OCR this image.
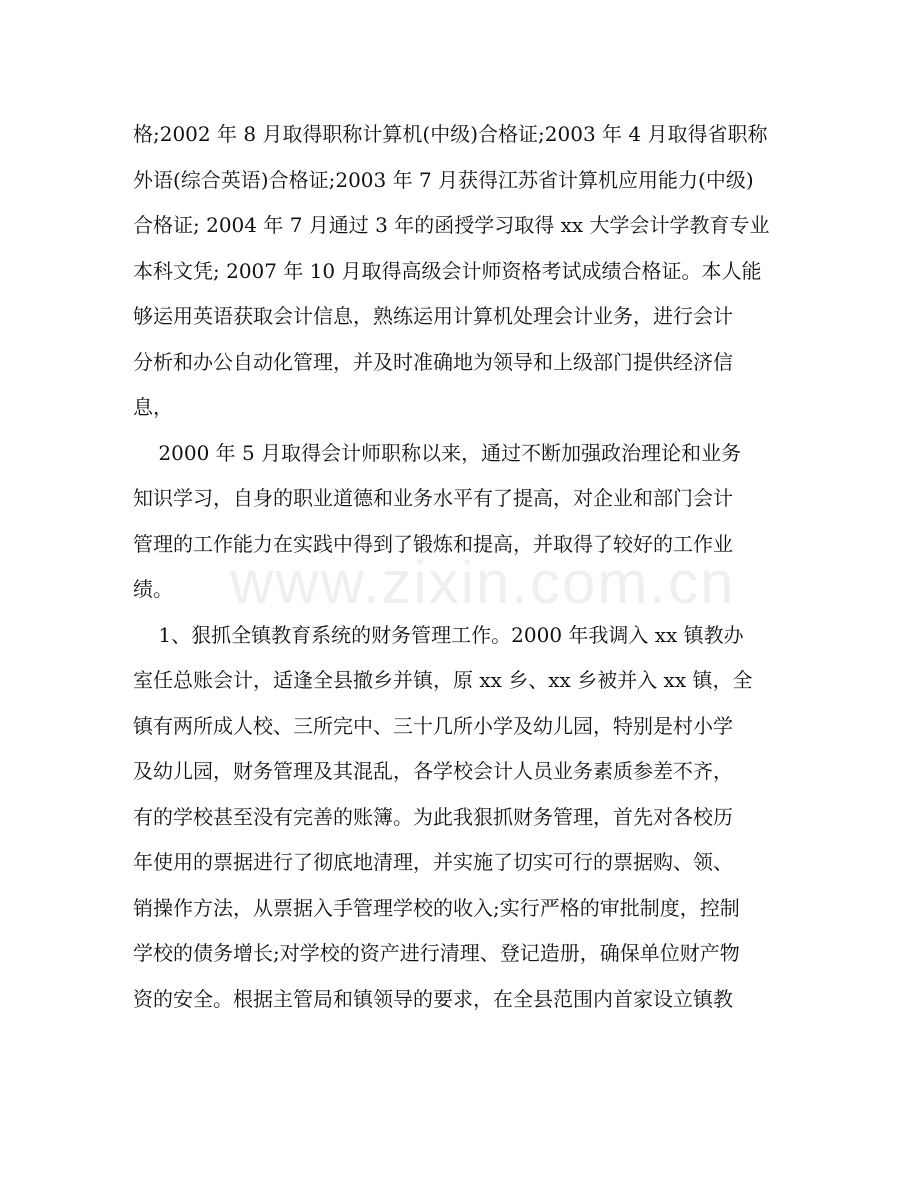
www.zixin.com.cn
格;2002 年 8 月取得职称计算机(中级)合格证;2003 年 4 月取得省职称
外语(综合英语)合格证;2003 年 7 月获得江苏省计算机应用能力(中级)
合格证; 2004 年 7 月通过 3 年的函授学习取得 xx 大学会计学教育专业
本科文凭; 2007 年 10 月取得高级会计师资格考试成绩合格证。本人能
够运用英语获取会计信息，熟练运用计算机处理会计业务，进行会计
分析和办公自动化管理，并及时准确地为领导和上级部门提供经济信
息，
2000 年 5 月取得会计师职称以来，通过不断加强政治理论和业务
知识学习，自身的职业道德和业务水平有了提高，对企业和部门会计
管理的工作能力在实践中得到了锻炼和提高，并取得了较好的工作业
绩。
1、狠抓全镇教育系统的财务管理工作。2000 年我调入 xx 镇教办
室任总账会计，适逢全县撤乡并镇，原 xx 乡、xx 乡被并入 xx 镇，全
镇有两所成人校、三所完中、三十几所小学及幼儿园，特别是村小学
及幼儿园，财务管理及其混乱，各学校会计人员业务素质参差不齐，
有的学校甚至没有完善的账簿。为此我狠抓财务管理，首先对各校历
年使用的票据进行了彻底地清理，并实施了切实可行的票据购、领、
销操作方法，从票据入手管理学校的收入;实行严格的审批制度，控制
学校的债务增长;对学校的资产进行清理、登记造册，确保单位财产物
资的安全。根据主管局和镇领导的要求，在全县范围内首家设立镇教
